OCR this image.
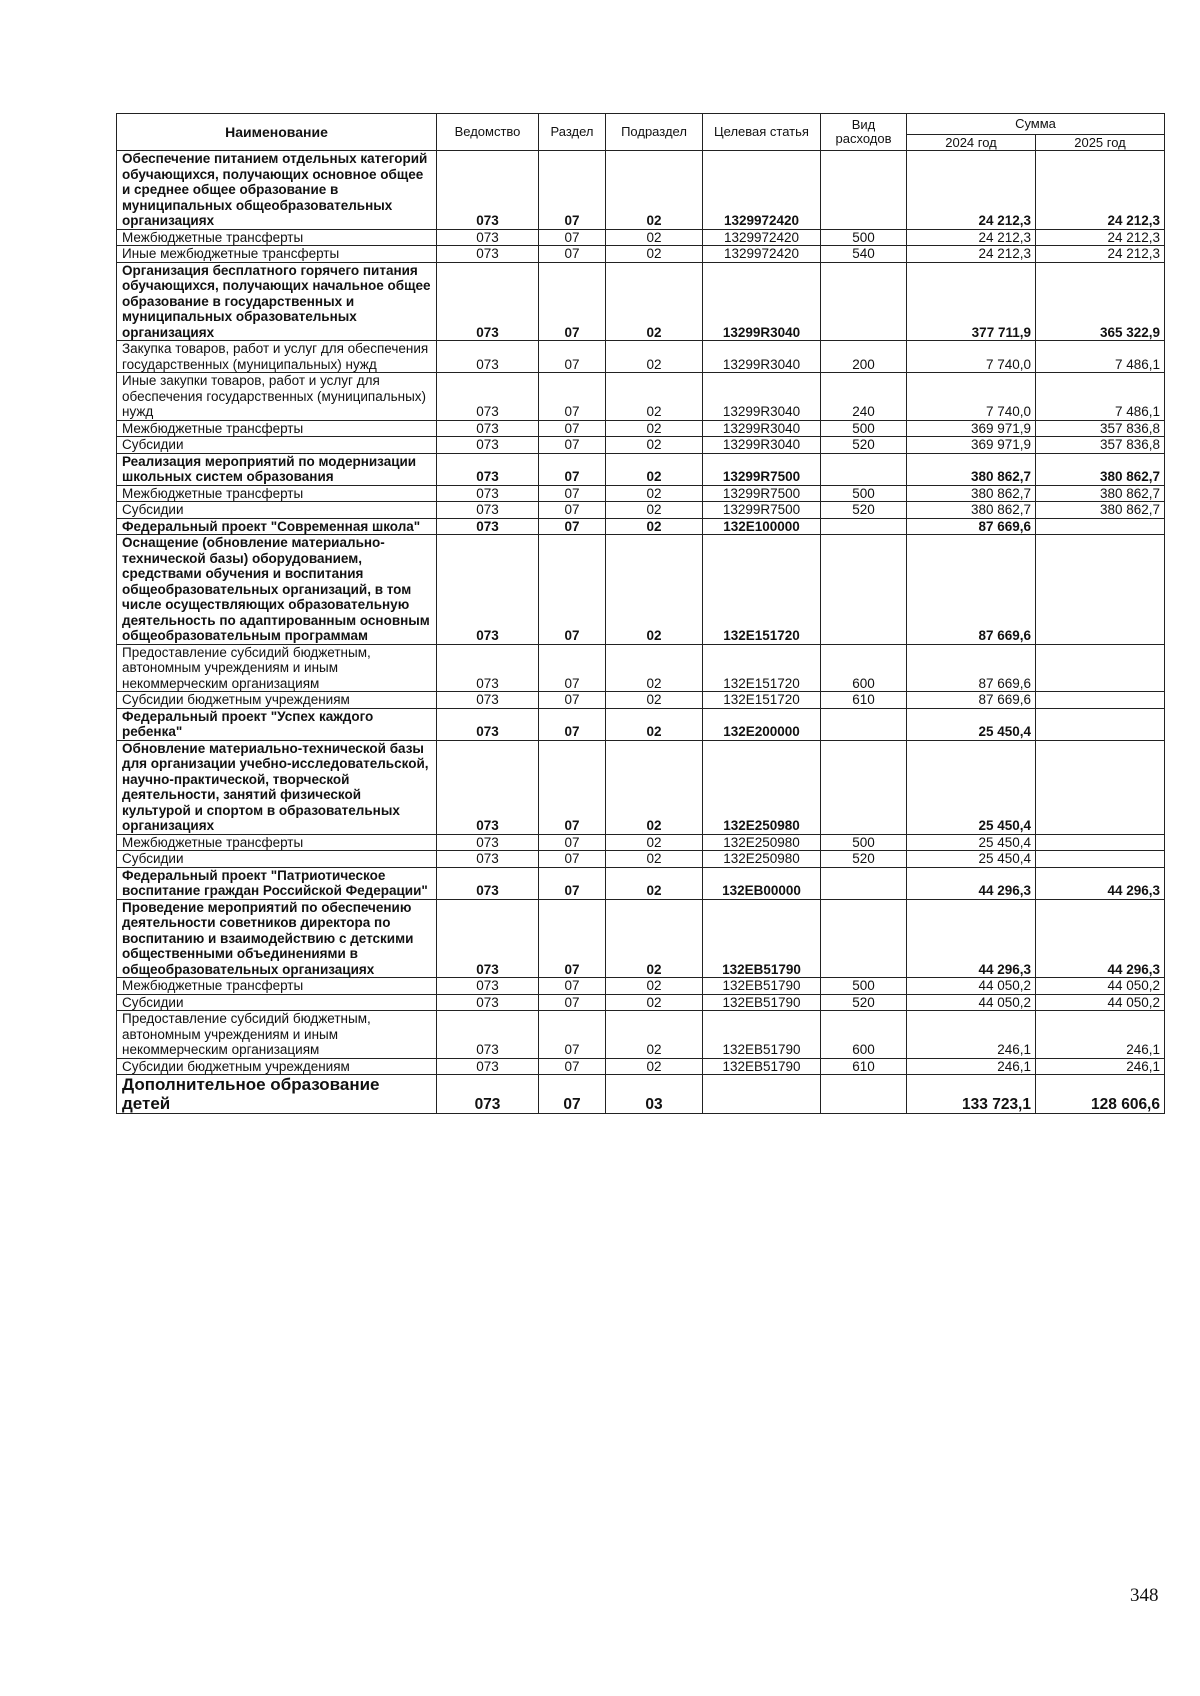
Наименование	Ведомство	Раздел	Подраздел	Целевая статья	Вид расходов	Сумма	
						2024 год	2025 год
Обеспечение питанием отдельных категорий обучающихся, получающих основное общее и среднее общее образование в муниципальных общеобразовательных организациях	073	07	02	1329972420		24 212,3	24 212,3
Межбюджетные трансферты	073	07	02	1329972420	500	24 212,3	24 212,3
Иные межбюджетные трансферты	073	07	02	1329972420	540	24 212,3	24 212,3
Организация бесплатного горячего питания обучающихся, получающих начальное общее образование в государственных и муниципальных образовательных организациях	073	07	02	13299R3040		377 711,9	365 322,9
Закупка товаров, работ и услуг для обеспечения государственных (муниципальных) нужд	073	07	02	13299R3040	200	7 740,0	7 486,1
Иные закупки товаров, работ и услуг для обеспечения государственных (муниципальных) нужд	073	07	02	13299R3040	240	7 740,0	7 486,1
Межбюджетные трансферты	073	07	02	13299R3040	500	369 971,9	357 836,8
Субсидии	073	07	02	13299R3040	520	369 971,9	357 836,8
Реализация мероприятий по модернизации школьных систем образования	073	07	02	13299R7500		380 862,7	380 862,7
Межбюджетные трансферты	073	07	02	13299R7500	500	380 862,7	380 862,7
Субсидии	073	07	02	13299R7500	520	380 862,7	380 862,7
Федеральный проект "Современная школа"	073	07	02	132E100000		87 669,6	
Оснащение (обновление материально-технической базы) оборудованием, средствами обучения и воспитания общеобразовательных организаций, в том числе осуществляющих образовательную деятельность по адаптированным основным общеобразовательным программам	073	07	02	132E151720		87 669,6	
Предоставление субсидий бюджетным, автономным учреждениям и иным некоммерческим организациям	073	07	02	132E151720	600	87 669,6	
Субсидии бюджетным учреждениям	073	07	02	132E151720	610	87 669,6	
Федеральный проект "Успех каждого ребенка"	073	07	02	132E200000		25 450,4	
Обновление материально-технической базы для организации учебно-исследовательской, научно-практической, творческой деятельности, занятий физической культурой и спортом в образовательных организациях	073	07	02	132E250980		25 450,4	
Межбюджетные трансферты	073	07	02	132E250980	500	25 450,4	
Субсидии	073	07	02	132E250980	520	25 450,4	
Федеральный проект "Патриотическое воспитание граждан Российской Федерации"	073	07	02	132EB00000		44 296,3	44 296,3
Проведение мероприятий по обеспечению деятельности советников директора по воспитанию и взаимодействию с детскими общественными объединениями в общеобразовательных организациях	073	07	02	132EB51790		44 296,3	44 296,3
Межбюджетные трансферты	073	07	02	132EB51790	500	44 050,2	44 050,2
Субсидии	073	07	02	132EB51790	520	44 050,2	44 050,2
Предоставление субсидий бюджетным, автономным учреждениям и иным некоммерческим организациям	073	07	02	132EB51790	600	246,1	246,1
Субсидии бюджетным учреждениям	073	07	02	132EB51790	610	246,1	246,1
Дополнительное образование детей	073	07	03			133 723,1	128 606,6
348
